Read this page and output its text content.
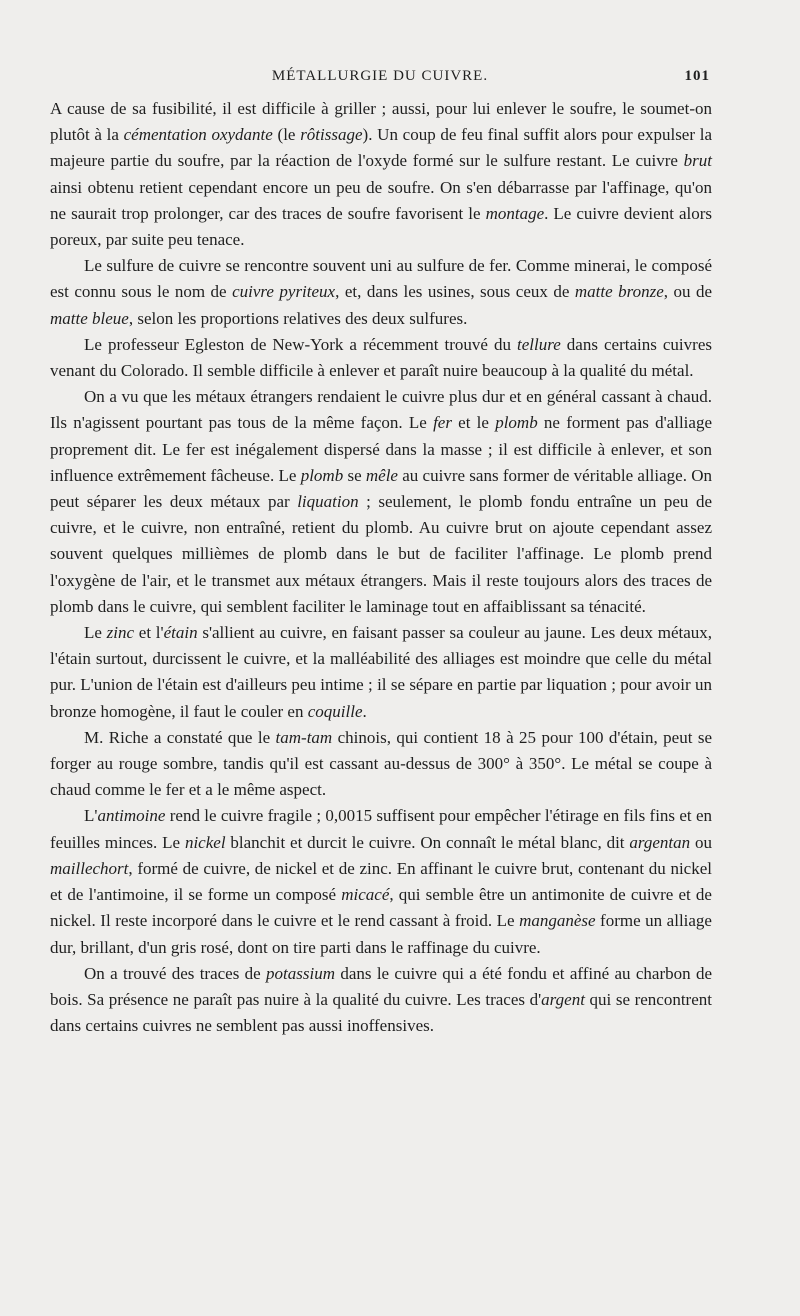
MÉTALLURGIE DU CUIVRE.	101

A cause de sa fusibilité, il est difficile à griller ; aussi, pour lui enlever le soufre, le soumet-on plutôt à la cémentation oxydante (le rôtissage). Un coup de feu final suffit alors pour expulser la majeure partie du soufre, par la réaction de l'oxyde formé sur le sulfure restant. Le cuivre brut ainsi obtenu retient cependant encore un peu de soufre. On s'en débarrasse par l'affinage, qu'on ne saurait trop prolonger, car des traces de soufre favorisent le montage. Le cuivre devient alors poreux, par suite peu tenace.

Le sulfure de cuivre se rencontre souvent uni au sulfure de fer. Comme minerai, le composé est connu sous le nom de cuivre pyriteux, et, dans les usines, sous ceux de matte bronze, ou de matte bleue, selon les proportions relatives des deux sulfures.

Le professeur Egleston de New-York a récemment trouvé du tellure dans certains cuivres venant du Colorado. Il semble difficile à enlever et paraît nuire beaucoup à la qualité du métal.

On a vu que les métaux étrangers rendaient le cuivre plus dur et en général cassant à chaud. Ils n'agissent pourtant pas tous de la même façon. Le fer et le plomb ne forment pas d'alliage proprement dit. Le fer est inégalement dispersé dans la masse ; il est difficile à enlever, et son influence extrêmement fâcheuse. Le plomb se mêle au cuivre sans former de véritable alliage. On peut séparer les deux métaux par liquation ; seulement, le plomb fondu entraîne un peu de cuivre, et le cuivre, non entraîné, retient du plomb. Au cuivre brut on ajoute cependant assez souvent quelques millièmes de plomb dans le but de faciliter l'affinage. Le plomb prend l'oxygène de l'air, et le transmet aux métaux étrangers. Mais il reste toujours alors des traces de plomb dans le cuivre, qui semblent faciliter le laminage tout en affaiblissant sa ténacité.

Le zinc et l'étain s'allient au cuivre, en faisant passer sa couleur au jaune. Les deux métaux, l'étain surtout, durcissent le cuivre, et la malléabilité des alliages est moindre que celle du métal pur. L'union de l'étain est d'ailleurs peu intime ; il se sépare en partie par liquation ; pour avoir un bronze homogène, il faut le couler en coquille.

M. Riche a constaté que le tam-tam chinois, qui contient 18 à 25 pour 100 d'étain, peut se forger au rouge sombre, tandis qu'il est cassant au-dessus de 300° à 350°. Le métal se coupe à chaud comme le fer et a le même aspect.

L'antimoine rend le cuivre fragile ; 0,0015 suffisent pour empêcher l'étirage en fils fins et en feuilles minces. Le nickel blanchit et durcit le cuivre. On connaît le métal blanc, dit argentan ou maillechort, formé de cuivre, de nickel et de zinc. En affinant le cuivre brut, contenant du nickel et de l'antimoine, il se forme un composé micacé, qui semble être un antimonite de cuivre et de nickel. Il reste incorporé dans le cuivre et le rend cassant à froid. Le manganèse forme un alliage dur, brillant, d'un gris rosé, dont on tire parti dans le raffinage du cuivre.

On a trouvé des traces de potassium dans le cuivre qui a été fondu et affiné au charbon de bois. Sa présence ne paraît pas nuire à la qualité du cuivre. Les traces d'argent qui se rencontrent dans certains cuivres ne semblent pas aussi inoffensives.
